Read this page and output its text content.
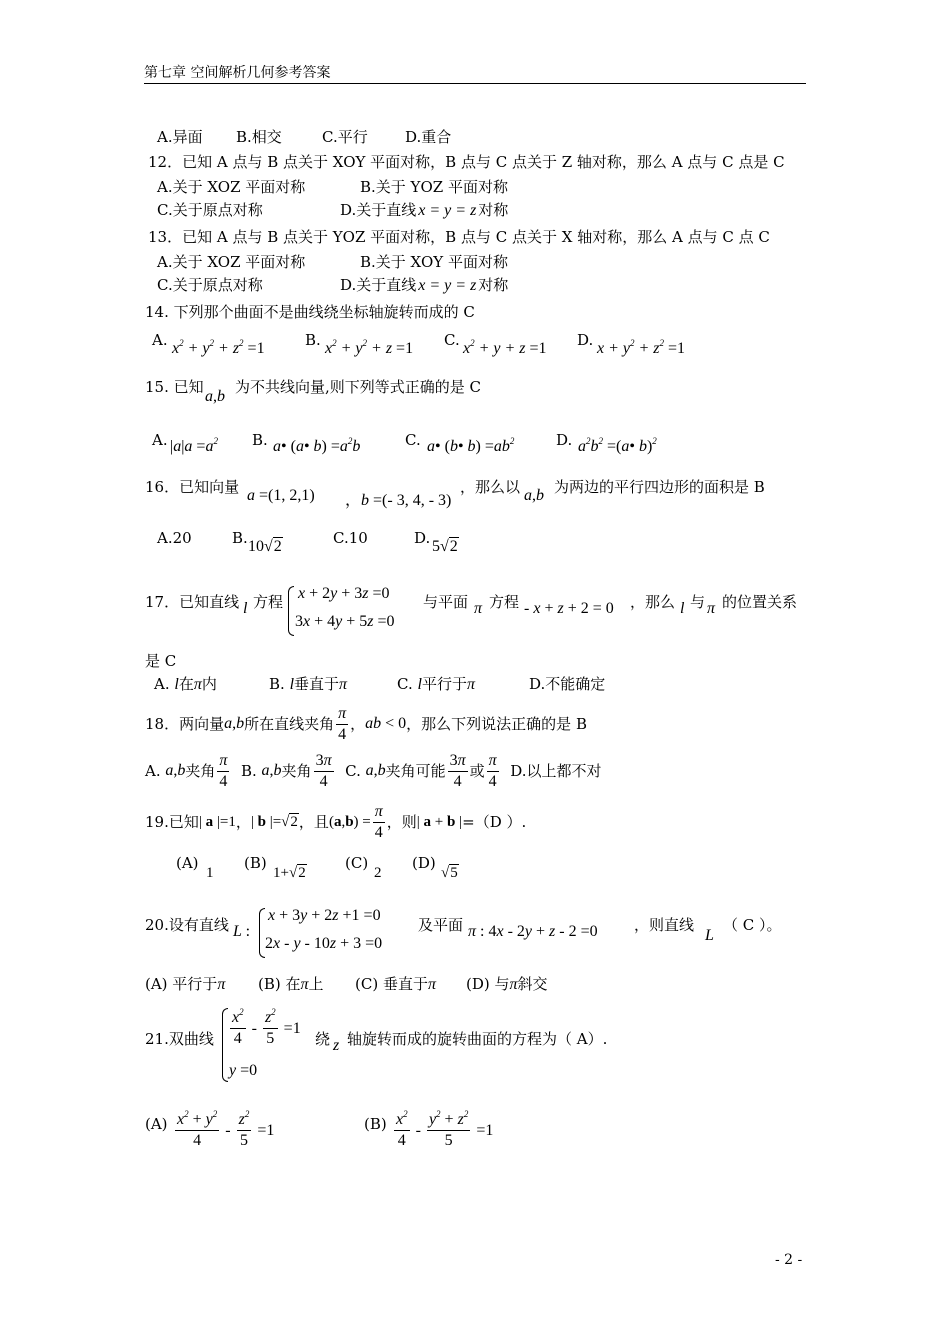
第七章 空间解析几何参考答案
A.异面 B.相交	C.平行 D.重合
12．已知 A 点与 B 点关于 XOY 平面对称，B 点与 C 点关于 Z 轴对称，那么 A 点与 C 点是 C
A.关于 XOZ 平面对称	B.关于 YOZ 平面对称
C.关于原点对称	D.关于直线 x = y = z 对称
13．已知 A 点与 B 点关于 YOZ 平面对称，B 点与 C 点关于 X 轴对称，那么 A 点与 C 点 C
A.关于 XOZ 平面对称	B.关于 XOY 平面对称
C.关于原点对称	D.关于直线 x = y = z 对称
14. 下列那个曲面不是曲线绕坐标轴旋转而成的 C
A. $x^2 + y^2 + z^2 =1$	B. $x^2 + y^2 + z =1$ C. $x^2 + y + z =1$ D. $x + y^2 + z^2 =1$
15. 已知
a,b
为不共线向量,则下列等式正确的是 C
A. $|a|a =a^2$ B. a• (a• $b) =a^2b$	C. a• (b• $b) =ab^2$	D. $a^2b^2$ =(a• b)$^2$
16．已知向量 a =(1, 2,1) ，b =(- 3, 4, - 3)
，那么以 a,b 为两边的平行四边形的面积是 B
A.20	B. 10√2	C.10	D. 5√2
17．已知直线 l 方程 x + 2y + 3z =0
3x + 4y + 5z =0
与平面 π 方程 - x + z + 2 = 0 ，那么 l 与 π 的位置关系
是 C
A. l在π内	B. l垂直于π	C. l平行于π	D.不能确定
18．两向量 a,b 所在直线夹角 $\frac{\pi}{4}$ ， ab < 0 ，那么下列说法正确的是 B
A.
a,b 夹角 $\frac{\pi}{4}$
B.
a,b 夹角 $\frac{3\pi}{4}$
C.
a,b 夹角可能 $\frac{3\pi}{4}$ 或 $\frac{\pi}{4}$
D.以上都不对
19.已知 | a |=1 ， | b |=√2 ，且 $(a,b) = \frac{\pi}{4}$ ，则 | a + b | =（D ）.
(A)
1
(B)
1+√2
(C)
2
(D)
√5
20.设有直线 L :
x + 3y + 2z +1 =0
2x - y - 10z + 3 =0
及平面 π : 4x - 2y + z - 2 =0 ，则直线
L
（ C ）。
(A) 平行于π (B) 在π上 (C) 垂直于π (D) 与π斜交
21.双曲线 $\frac{x^2}{4} - \frac{z^2}{5} =1$
y =0
绕 z 轴旋转而成的旋转曲面的方程为（ A）.
$(A) \frac{x^2 + y^2}{4} - \frac{z^2}{5} =1$	$(B) \frac{x^2}{4} - \frac{y^2 + z^2}{5} =1$
- 2 -
